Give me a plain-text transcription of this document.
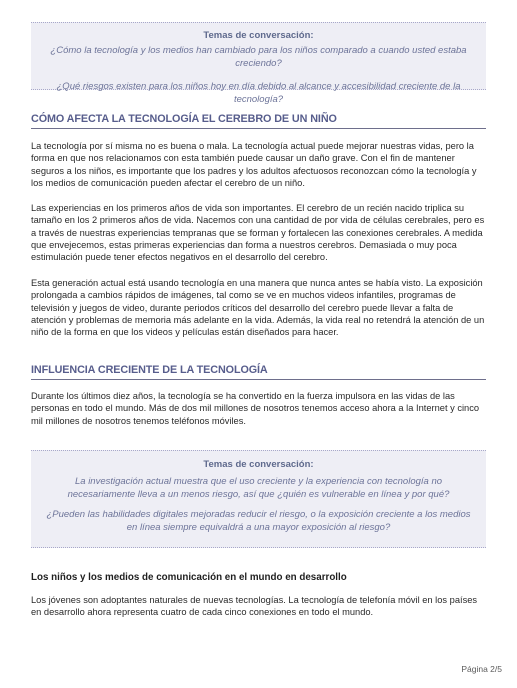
Temas de conversación:
¿Cómo la tecnología y los medios han cambiado para los niños comparado a cuando usted estaba creciendo?
¿Qué riesgos existen para los niños hoy en día debido al alcance y accesibilidad creciente de la tecnología?
CÓMO AFECTA LA TECNOLOGÍA EL CEREBRO DE UN NIÑO

La tecnología por sí misma no es buena o mala. La tecnología actual puede mejorar nuestras vidas, pero la forma en que nos relacionamos con esta también puede causar un daño grave. Con el fin de mantener seguros a los niños, es importante que los padres y los adultos afectuosos reconozcan cómo la tecnología y los medios de comunicación pueden afectar el cerebro de un niño.

Las experiencias en los primeros años de vida son importantes. El cerebro de un recién nacido triplica su tamaño en los 2 primeros años de vida. Nacemos con una cantidad de por vida de células cerebrales, pero es a través de nuestras experiencias tempranas que se forman y fortalecen las conexiones cerebrales. A medida que envejecemos, estas primeras experiencias dan forma a nuestros cerebros. Demasiada o muy poca estimulación puede tener efectos negativos en el desarrollo del cerebro.

Esta generación actual está usando tecnología en una manera que nunca antes se había visto. La exposición prolongada a cambios rápidos de imágenes, tal como se ve en muchos videos infantiles, programas de televisión y juegos de video, durante periodos críticos del desarrollo del cerebro puede llevar a falta de atención y problemas de memoria más adelante en la vida. Además, la vida real no retendrá la atención de un niño de la forma en que los videos y películas están diseñados para hacer.

INFLUENCIA CRECIENTE DE LA TECNOLOGÍA

Durante los últimos diez años, la tecnología se ha convertido en la fuerza impulsora en las vidas de las personas en todo el mundo. Más de dos mil millones de nosotros tenemos acceso ahora a la Internet y cinco mil millones de nosotros tenemos teléfonos móviles.

Temas de conversación:
La investigación actual muestra que el uso creciente y la experiencia con tecnología no necesariamente lleva a un menos riesgo, así que ¿quién es vulnerable en línea y por qué?
¿Pueden las habilidades digitales mejoradas reducir el riesgo, o la exposición creciente a los medios en línea siempre equivaldrá a una mayor exposición al riesgo?
Los niños y los medios de comunicación en el mundo en desarrollo

Los jóvenes son adoptantes naturales de nuevas tecnologías. La tecnología de telefonía móvil en los países en desarrollo ahora representa cuatro de cada cinco conexiones en todo el mundo.

Página 2/5
